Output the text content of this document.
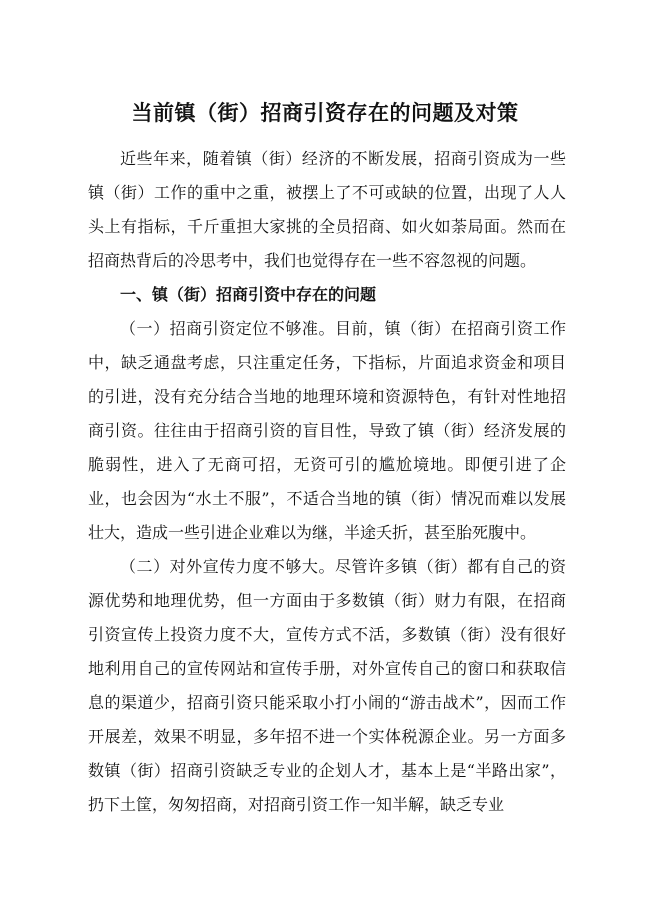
当前镇（街）招商引资存在的问题及对策

近些年来，随着镇（街）经济的不断发展，招商引资成为一些镇（街）工作的重中之重，被摆上了不可或缺的位置，出现了人人头上有指标，千斤重担大家挑的全员招商、如火如荼局面。然而在招商热背后的冷思考中，我们也觉得存在一些不容忽视的问题。

一、镇（街）招商引资中存在的问题

（一）招商引资定位不够准。目前，镇（街）在招商引资工作中，缺乏通盘考虑，只注重定任务，下指标，片面追求资金和项目的引进，没有充分结合当地的地理环境和资源特色，有针对性地招商引资。往往由于招商引资的盲目性，导致了镇（街）经济发展的脆弱性，进入了无商可招，无资可引的尴尬境地。即便引进了企业，也会因为“水土不服”，不适合当地的镇（街）情况而难以发展壮大，造成一些引进企业难以为继，半途夭折，甚至胎死腹中。

（二）对外宣传力度不够大。尽管许多镇（街）都有自己的资源优势和地理优势，但一方面由于多数镇（街）财力有限，在招商引资宣传上投资力度不大，宣传方式不活，多数镇（街）没有很好地利用自己的宣传网站和宣传手册，对外宣传自己的窗口和获取信息的渠道少，招商引资只能采取小打小闹的“游击战术”，因而工作开展差，效果不明显，多年招不进一个实体税源企业。另一方面多数镇（街）招商引资缺乏专业的企划人才，基本上是“半路出家”，扔下土筐，匆匆招商，对招商引资工作一知半解，缺乏专业
